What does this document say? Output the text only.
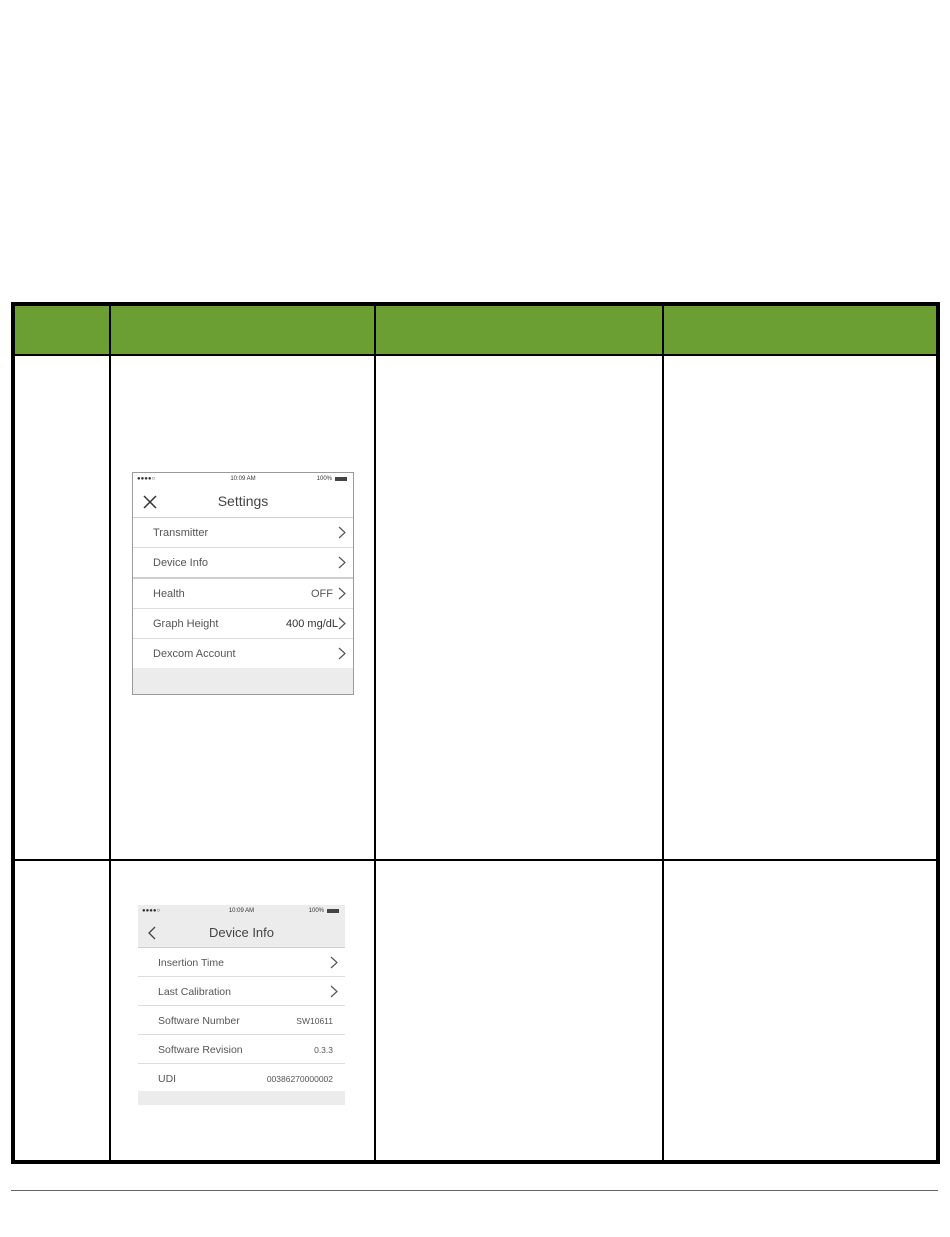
●●●●○	10:09 AM	100%
Settings
Transmitter
Device Info
Health	OFF
Graph Height	400 mg/dL
Dexcom Account
●●●●○	10:09 AM	100%
Device Info
Insertion Time
Last Calibration
Software Number	SW10611
Software Revision	0.3.3
UDI	00386270000002
